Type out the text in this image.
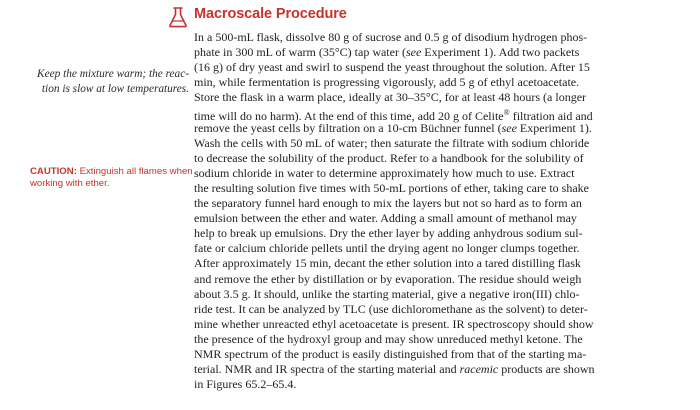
Macroscale Procedure
Keep the mixture warm; the reac-
tion is slow at low temperatures.
CAUTION: Extinguish all flames when
working with ether.
In a 500-mL flask, dissolve 80 g of sucrose and 0.5 g of disodium hydrogen phos-
phate in 300 mL of warm (35°C) tap water (see Experiment 1). Add two packets
(16 g) of dry yeast and swirl to suspend the yeast throughout the solution. After 15
min, while fermentation is progressing vigorously, add 5 g of ethyl acetoacetate.
Store the flask in a warm place, ideally at 30–35°C, for at least 48 hours (a longer
time will do no harm). At the end of this time, add 20 g of Celite® filtration aid and
remove the yeast cells by filtration on a 10-cm Büchner funnel (see Experiment 1).
Wash the cells with 50 mL of water; then saturate the filtrate with sodium chloride
to decrease the solubility of the product. Refer to a handbook for the solubility of
sodium chloride in water to determine approximately how much to use. Extract
the resulting solution five times with 50-mL portions of ether, taking care to shake
the separatory funnel hard enough to mix the layers but not so hard as to form an
emulsion between the ether and water. Adding a small amount of methanol may
help to break up emulsions. Dry the ether layer by adding anhydrous sodium sul-
fate or calcium chloride pellets until the drying agent no longer clumps together.
After approximately 15 min, decant the ether solution into a tared distilling flask
and remove the ether by distillation or by evaporation. The residue should weigh
about 3.5 g. It should, unlike the starting material, give a negative iron(III) chlo-
ride test. It can be analyzed by TLC (use dichloromethane as the solvent) to deter-
mine whether unreacted ethyl acetoacetate is present. IR spectroscopy should show
the presence of the hydroxyl group and may show unreduced methyl ketone. The
NMR spectrum of the product is easily distinguished from that of the starting ma-
terial. NMR and IR spectra of the starting material and racemic products are shown
in Figures 65.2–65.4.
